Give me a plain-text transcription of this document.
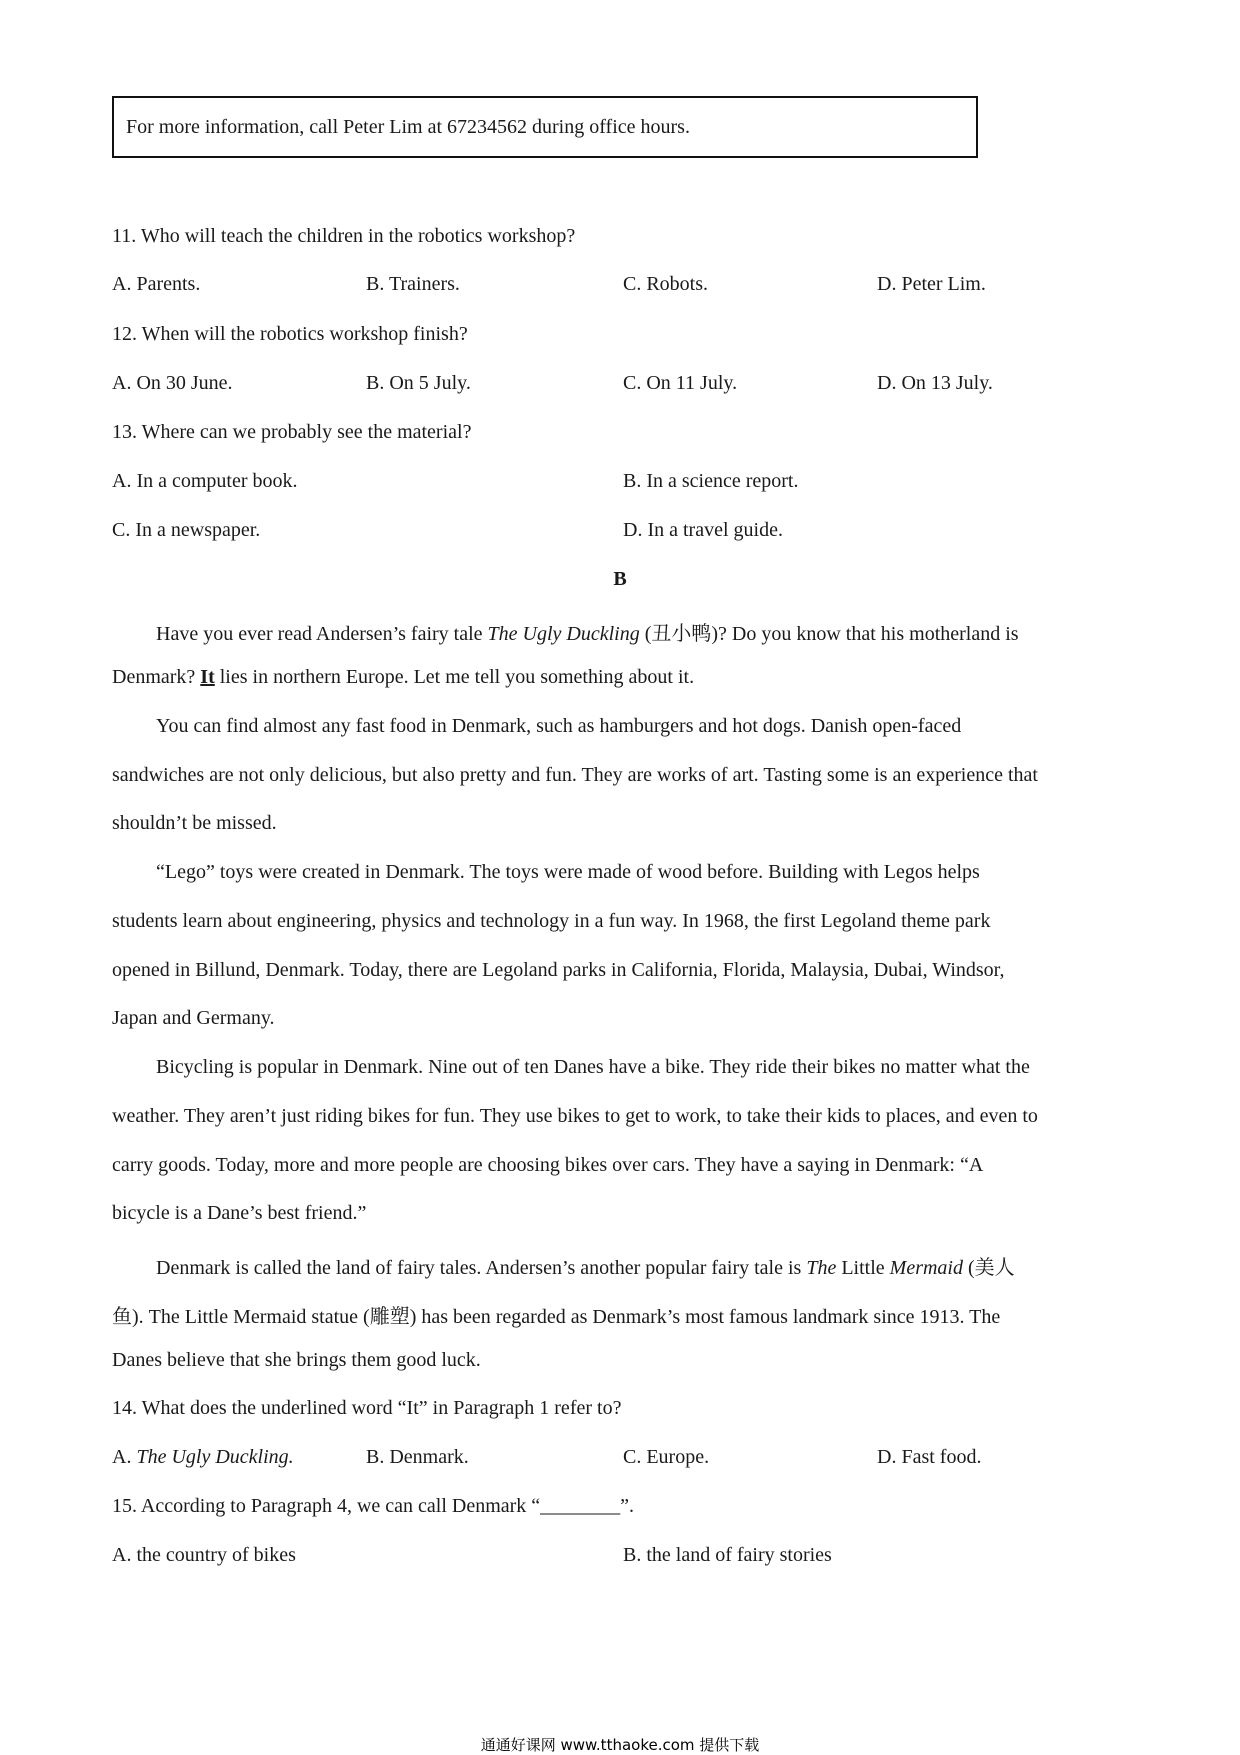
For more information, call Peter Lim at 67234562 during office hours.

11. Who will teach the children in the robotics workshop?
A. Parents.	B. Trainers.	C. Robots.	D. Peter Lim.
12. When will the robotics workshop finish?
A. On 30 June.	B. On 5 July.	C. On 11 July.	D. On 13 July.
13. Where can we probably see the material?
A. In a computer book.	B. In a science report.
C. In a newspaper.	D. In a travel guide.
B
Have you ever read Andersen’s fairy tale The Ugly Duckling (丑小鸭)? Do you know that his motherland is
Denmark? It lies in northern Europe. Let me tell you something about it.
You can find almost any fast food in Denmark, such as hamburgers and hot dogs. Danish open-faced
sandwiches are not only delicious, but also pretty and fun. They are works of art. Tasting some is an experience that
shouldn’t be missed.
“Lego” toys were created in Denmark. The toys were made of wood before. Building with Legos helps
students learn about engineering, physics and technology in a fun way. In 1968, the first Legoland theme park
opened in Billund, Denmark. Today, there are Legoland parks in California, Florida, Malaysia, Dubai, Windsor,
Japan and Germany.
Bicycling is popular in Denmark. Nine out of ten Danes have a bike. They ride their bikes no matter what the
weather. They aren’t just riding bikes for fun. They use bikes to get to work, to take their kids to places, and even to
carry goods. Today, more and more people are choosing bikes over cars. They have a saying in Denmark: “A
bicycle is a Dane’s best friend.”
Denmark is called the land of fairy tales. Andersen’s another popular fairy tale is The Little Mermaid (美人
鱼). The Little Mermaid statue (雕塑) has been regarded as Denmark’s most famous landmark since 1913. The
Danes believe that she brings them good luck.
14. What does the underlined word “It” in Paragraph 1 refer to?
A. The Ugly Duckling.	B. Denmark.	C. Europe.	D. Fast food.
15. According to Paragraph 4, we can call Denmark “________”.
A. the country of bikes	B. the land of fairy stories
通通好课网 www.tthaoke.com 提供下载
